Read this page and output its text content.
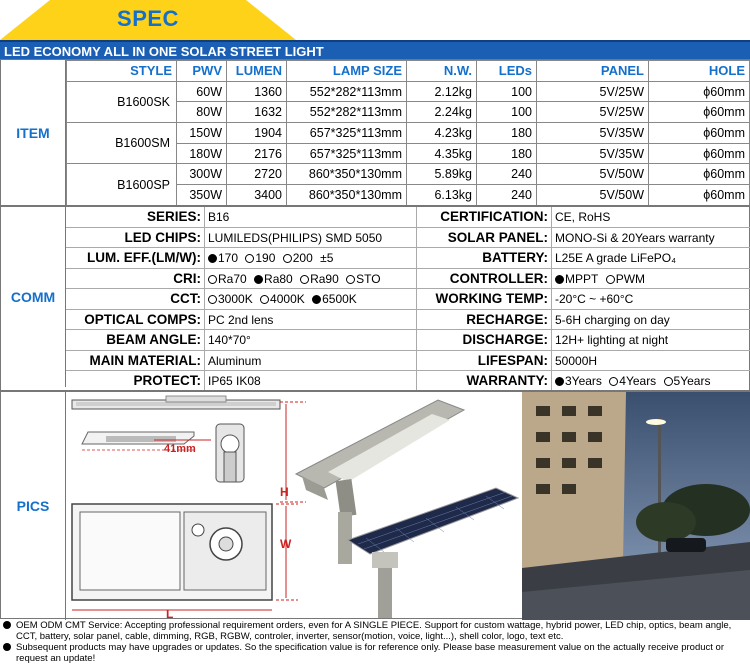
SPEC
LED ECONOMY ALL IN ONE SOLAR STREET LIGHT
ITEM
STYLE	PWV	LUMEN	LAMP SIZE	N.W.	LEDs	PANEL	HOLE
B1600SK	60W	1360	552*282*113mm	2.12kg	100	5V/25W	ϕ60mm
	80W	1632	552*282*113mm	2.24kg	100	5V/25W	ϕ60mm
B1600SM	150W	1904	657*325*113mm	4.23kg	180	5V/35W	ϕ60mm
	180W	2176	657*325*113mm	4.35kg	180	5V/35W	ϕ60mm
B1600SP	300W	2720	860*350*130mm	5.89kg	240	5V/50W	ϕ60mm
	350W	3400	860*350*130mm	6.13kg	240	5V/50W	ϕ60mm
COMM
SERIES: B16	CERTIFICATION: CE, RoHS
LED CHIPS: LUMILEDS(PHILIPS) SMD 5050	SOLAR PANEL: MONO-Si & 20Years warranty
LUM. EFF.(LM/W):	170 190 200 ±5	BATTERY: L25E A grade LiFePO₄
CRI:	Ra70 Ra80 Ra90 STO	CONTROLLER:	MPPT PWM
CCT:	3000K 4000K 6500K	WORKING TEMP: -20°C ~ +60°C
OPTICAL COMPS: PC 2nd lens	RECHARGE: 5-6H charging on day
BEAM ANGLE: 140*70°	DISCHARGE: 12H+ lighting at night
MAIN MATERIAL: Aluminum	LIFESPAN: 50000H
PROTECT: IP65 IK08	WARRANTY:	3Years 4Years 5Years
PICS
H
41mm
W
L
OEM ODM CMT Service: Accepting professional requirement orders, even for A SINGLE PIECE. Support for custom wattage, hybrid power, LED chip, optics, beam angle, CCT, battery, solar panel, cable, dimming, RGB, RGBW, controler, inverter, sensor(motion, voice, light...), shell color, logo, text etc.
Subsequent products may have upgrades or updates. So the specification value is for reference only. Please base measurement value on the actually receive product or request an update!
